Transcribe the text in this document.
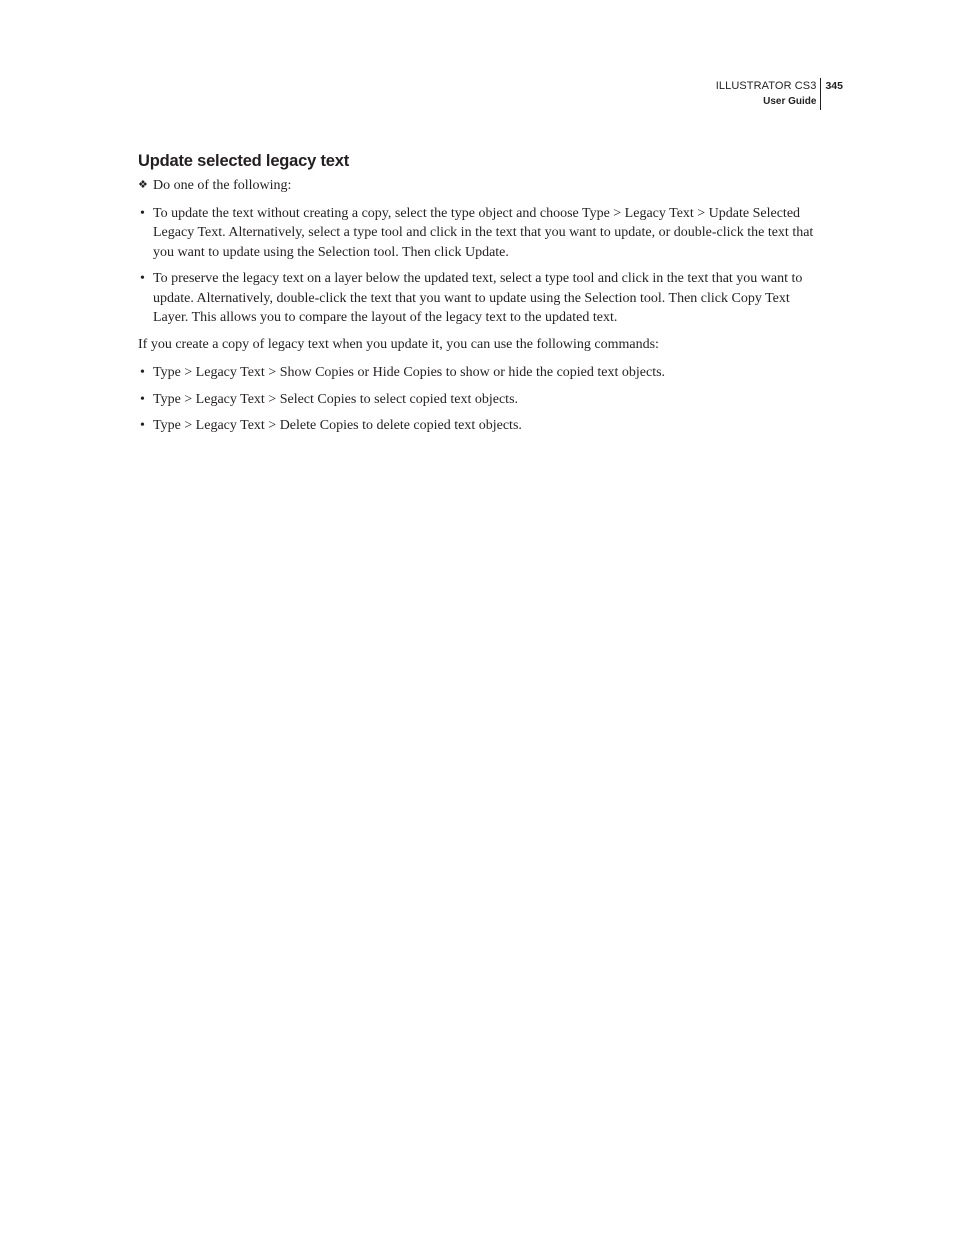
ILLUSTRATOR CS3
User Guide
345
Update selected legacy text
❖ Do one of the following:
• To update the text without creating a copy, select the type object and choose Type > Legacy Text > Update Selected Legacy Text. Alternatively, select a type tool and click in the text that you want to update, or double-click the text that you want to update using the Selection tool. Then click Update.
• To preserve the legacy text on a layer below the updated text, select a type tool and click in the text that you want to update. Alternatively, double-click the text that you want to update using the Selection tool. Then click Copy Text Layer. This allows you to compare the layout of the legacy text to the updated text.

If you create a copy of legacy text when you update it, you can use the following commands:

• Type > Legacy Text > Show Copies or Hide Copies to show or hide the copied text objects.
• Type > Legacy Text > Select Copies to select copied text objects.
• Type > Legacy Text > Delete Copies to delete copied text objects.
